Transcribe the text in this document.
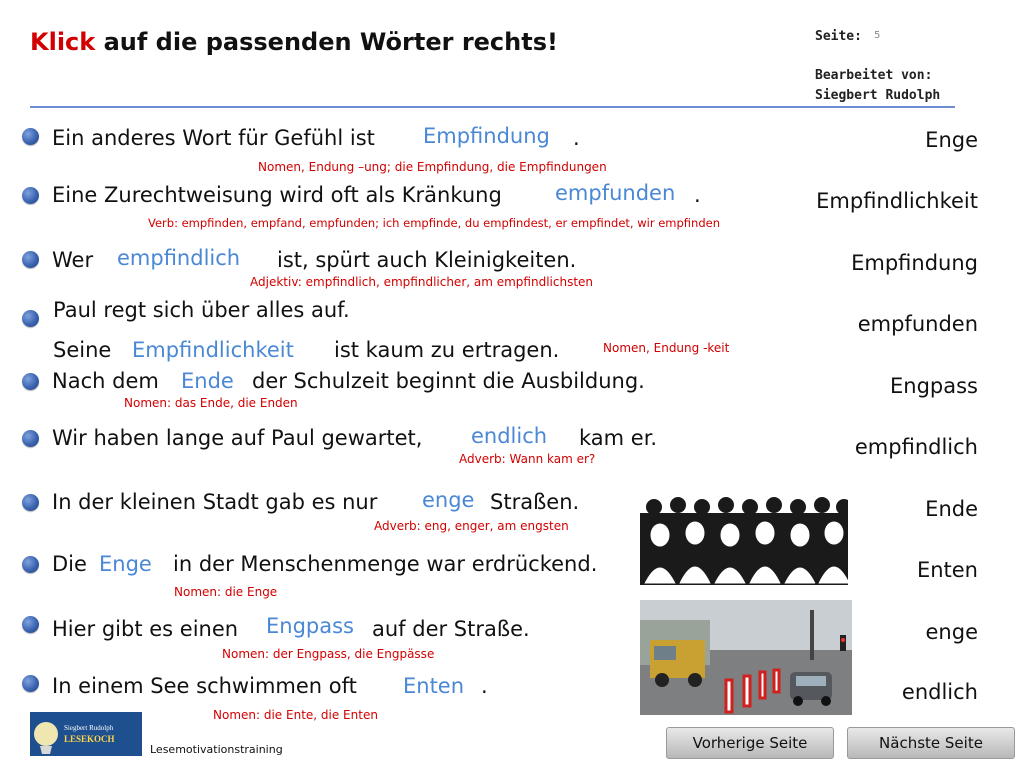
Klick auf die passenden Wörter rechts!	Seite: 5
Bearbeitet von:
Siegbert Rudolph
Ein anderes Wort für Gefühl ist Empfindung .
Nomen, Endung –ung; die Empfindung, die Empfindungen
Eine Zurechtweisung wird oft als Kränkung	empfunden .
Verb: empfinden, empfand, empfunden; ich empfinde, du empfindest, er empfindet, wir empfinden
Wer empfindlich ist, spürt auch Kleinigkeiten.
Adjektiv: empfindlich, empfindlicher, am empfindlichsten
Paul regt sich über alles auf.
Seine Empfindlichkeit ist kaum zu ertragen.	Nomen, Endung -keit
Nach dem Ende der Schulzeit beginnt die Ausbildung.
Nomen: das Ende, die Enden
Wir haben lange auf Paul gewartet, endlich kam er.
Adverb: Wann kam er?
In der kleinen Stadt gab es nur enge Straßen.
Adverb: eng, enger, am engsten
Die Enge in der Menschenmenge war erdrückend.
Nomen: die Enge
Hier gibt es einen Engpass auf der Straße.
Nomen: der Engpass, die Engpässe
In einem See schwimmen oft Enten .
Nomen: die Ente, die Enten
Enge
Empfindlichkeit
Empfindung
empfunden
Engpass
empfindlich
Ende
Enten
enge
endlich
Siegbert Rudolph
LESEKOCH
Lesemotivationstraining	Vorherige Seite	Nächste Seite
